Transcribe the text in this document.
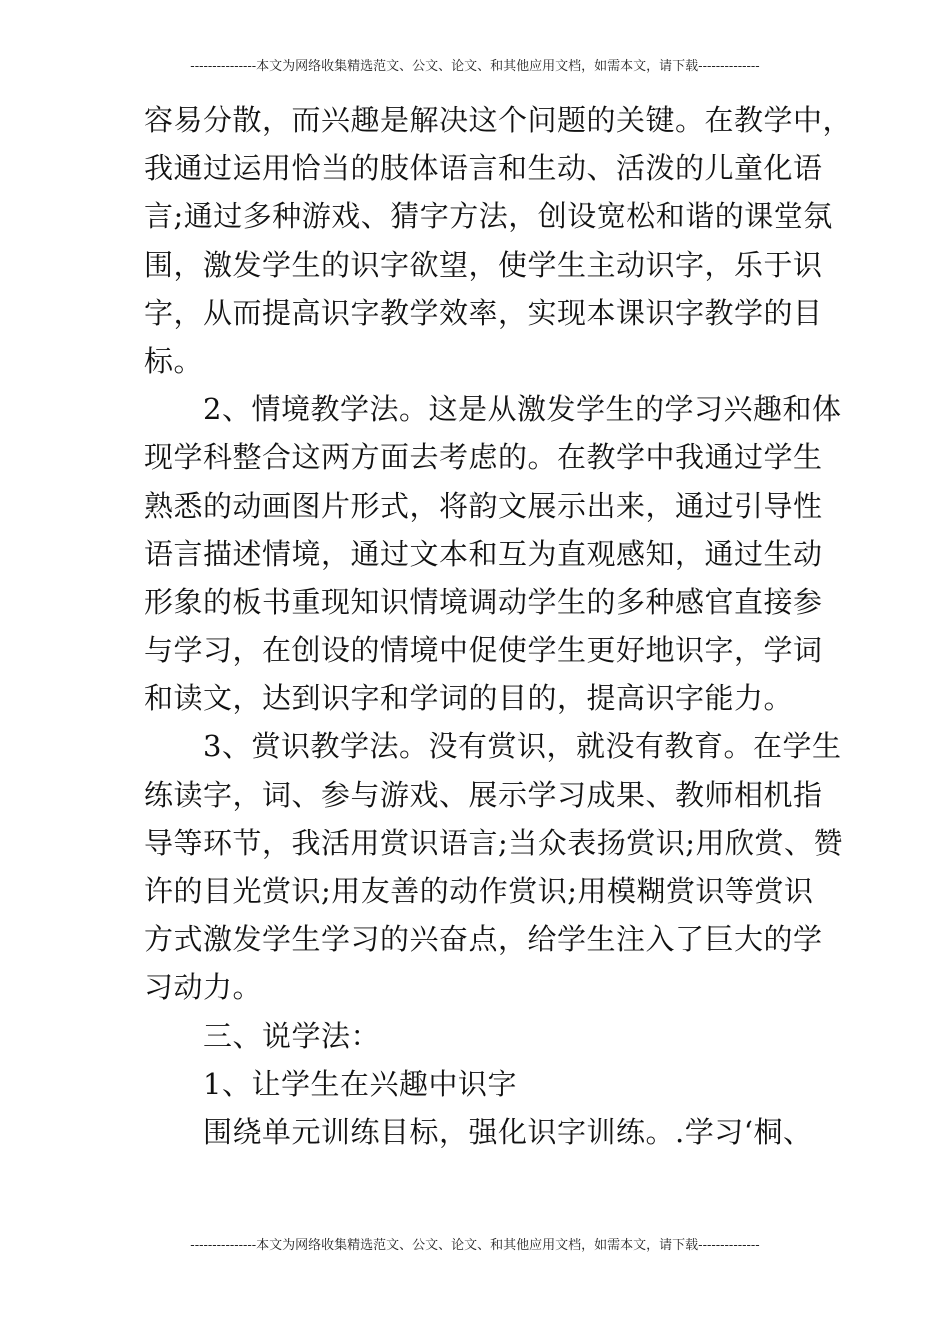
---------------本文为网络收集精选范文、公文、论文、和其他应用文档，如需本文，请下载--------------
容易分散，而兴趣是解决这个问题的关键。在教学中，
我通过运用恰当的肢体语言和生动、活泼的儿童化语
言;通过多种游戏、猜字方法，创设宽松和谐的课堂氛
围，激发学生的识字欲望，使学生主动识字，乐于识
字，从而提高识字教学效率，实现本课识字教学的目
标。
　　2、情境教学法。这是从激发学生的学习兴趣和体
现学科整合这两方面去考虑的。在教学中我通过学生
熟悉的动画图片形式，将韵文展示出来，通过引导性
语言描述情境，通过文本和互为直观感知，通过生动
形象的板书重现知识情境调动学生的多种感官直接参
与学习，在创设的情境中促使学生更好地识字，学词
和读文，达到识字和学词的目的，提高识字能力。
　　3、赏识教学法。没有赏识，就没有教育。在学生
练读字，词、参与游戏、展示学习成果、教师相机指
导等环节，我活用赏识语言;当众表扬赏识;用欣赏、赞
许的目光赏识;用友善的动作赏识;用模糊赏识等赏识
方式激发学生学习的兴奋点，给学生注入了巨大的学
习动力。
　　三、说学法：
　　1、让学生在兴趣中识字
　　围绕单元训练目标，强化识字训练。.学习‘桐、
---------------本文为网络收集精选范文、公文、论文、和其他应用文档，如需本文，请下载--------------
